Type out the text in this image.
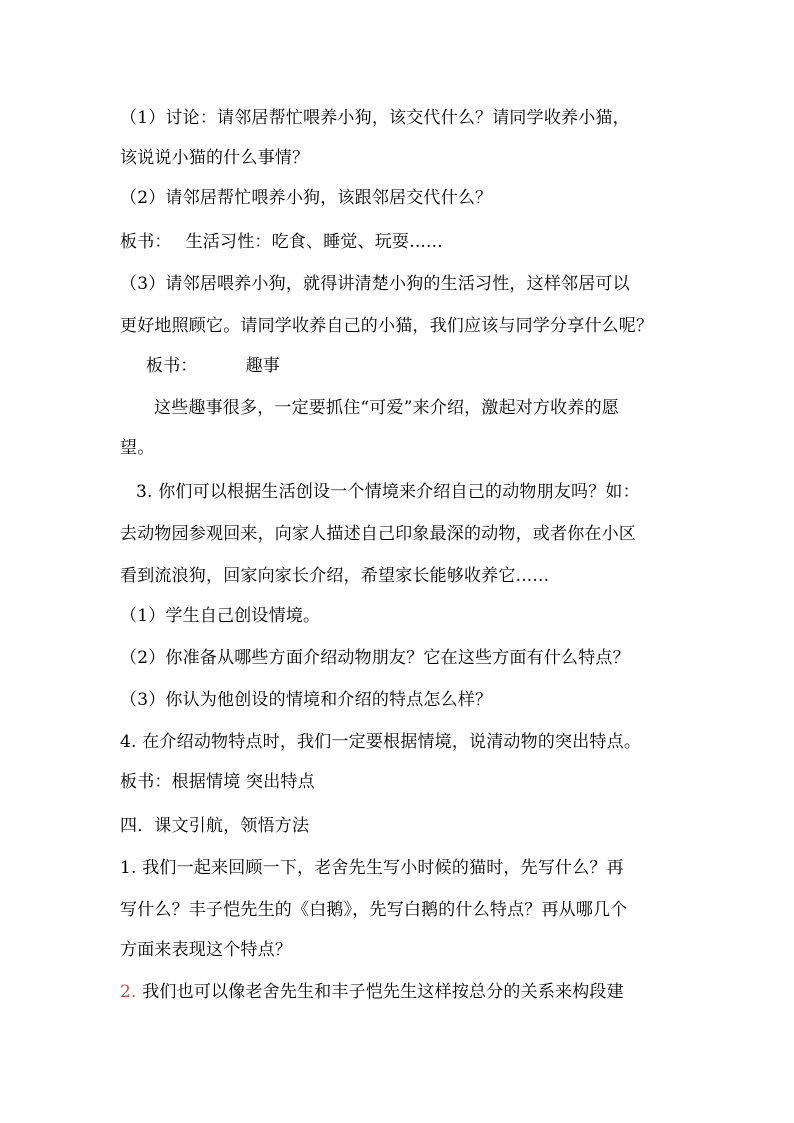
（1）讨论：请邻居帮忙喂养小狗，该交代什么？请同学收养小猫，
该说说小猫的什么事情？
（2）请邻居帮忙喂养小狗，该跟邻居交代什么？
板书： 生活习性：吃食、睡觉、玩耍......
（3）请邻居喂养小狗，就得讲清楚小狗的生活习性，这样邻居可以
更好地照顾它。请同学收养自己的小猫，我们应该与同学分享什么呢？
板书：	趣事
这些趣事很多，一定要抓住“可爱”来介绍，激起对方收养的愿
望。
3. 你们可以根据生活创设一个情境来介绍自己的动物朋友吗？如：
去动物园参观回来，向家人描述自己印象最深的动物，或者你在小区
看到流浪狗，回家向家长介绍，希望家长能够收养它......
（1）学生自己创设情境。
（2）你准备从哪些方面介绍动物朋友？它在这些方面有什么特点？
（3）你认为他创设的情境和介绍的特点怎么样？
4. 在介绍动物特点时，我们一定要根据情境，说清动物的突出特点。
板书：根据情境 突出特点
四．课文引航，领悟方法
1. 我们一起来回顾一下，老舍先生写小时候的猫时，先写什么？再
写什么？丰子恺先生的《白鹅》，先写白鹅的什么特点？再从哪几个
方面来表现这个特点？
2. 我们也可以像老舍先生和丰子恺先生这样按总分的关系来构段建
